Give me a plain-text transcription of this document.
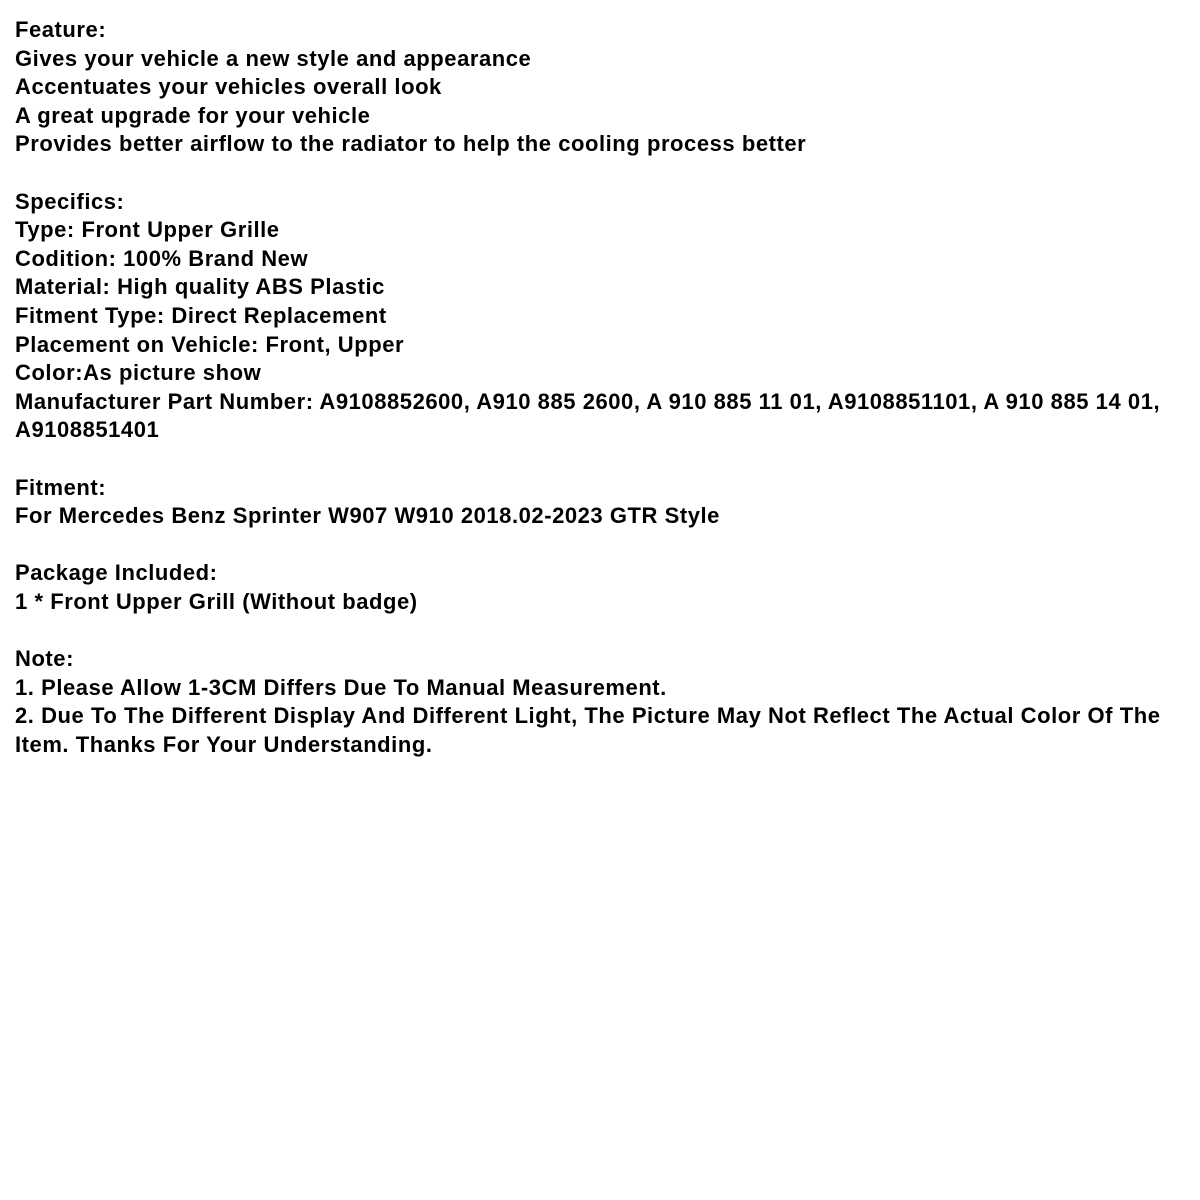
Feature:
Gives your vehicle a new style and appearance
Accentuates your vehicles overall look
A great upgrade for your vehicle
Provides better airflow to the radiator to help the cooling process better
Specifics:
Type: Front Upper Grille
Codition: 100% Brand New
Material: High quality ABS Plastic
Fitment Type: Direct Replacement
Placement on Vehicle: Front, Upper
Color:As picture show
Manufacturer Part Number: A9108852600, A910 885 2600, A 910 885 11 01, A9108851101, A 910 885 14 01, A9108851401
Fitment:
For Mercedes Benz Sprinter W907 W910 2018.02-2023 GTR Style
Package Included:
1 * Front Upper Grill (Without badge)
Note:
1. Please Allow 1-3CM Differs Due To Manual Measurement.
2. Due To The Different Display And Different Light, The Picture May Not Reflect The Actual Color Of The Item. Thanks For Your Understanding.
